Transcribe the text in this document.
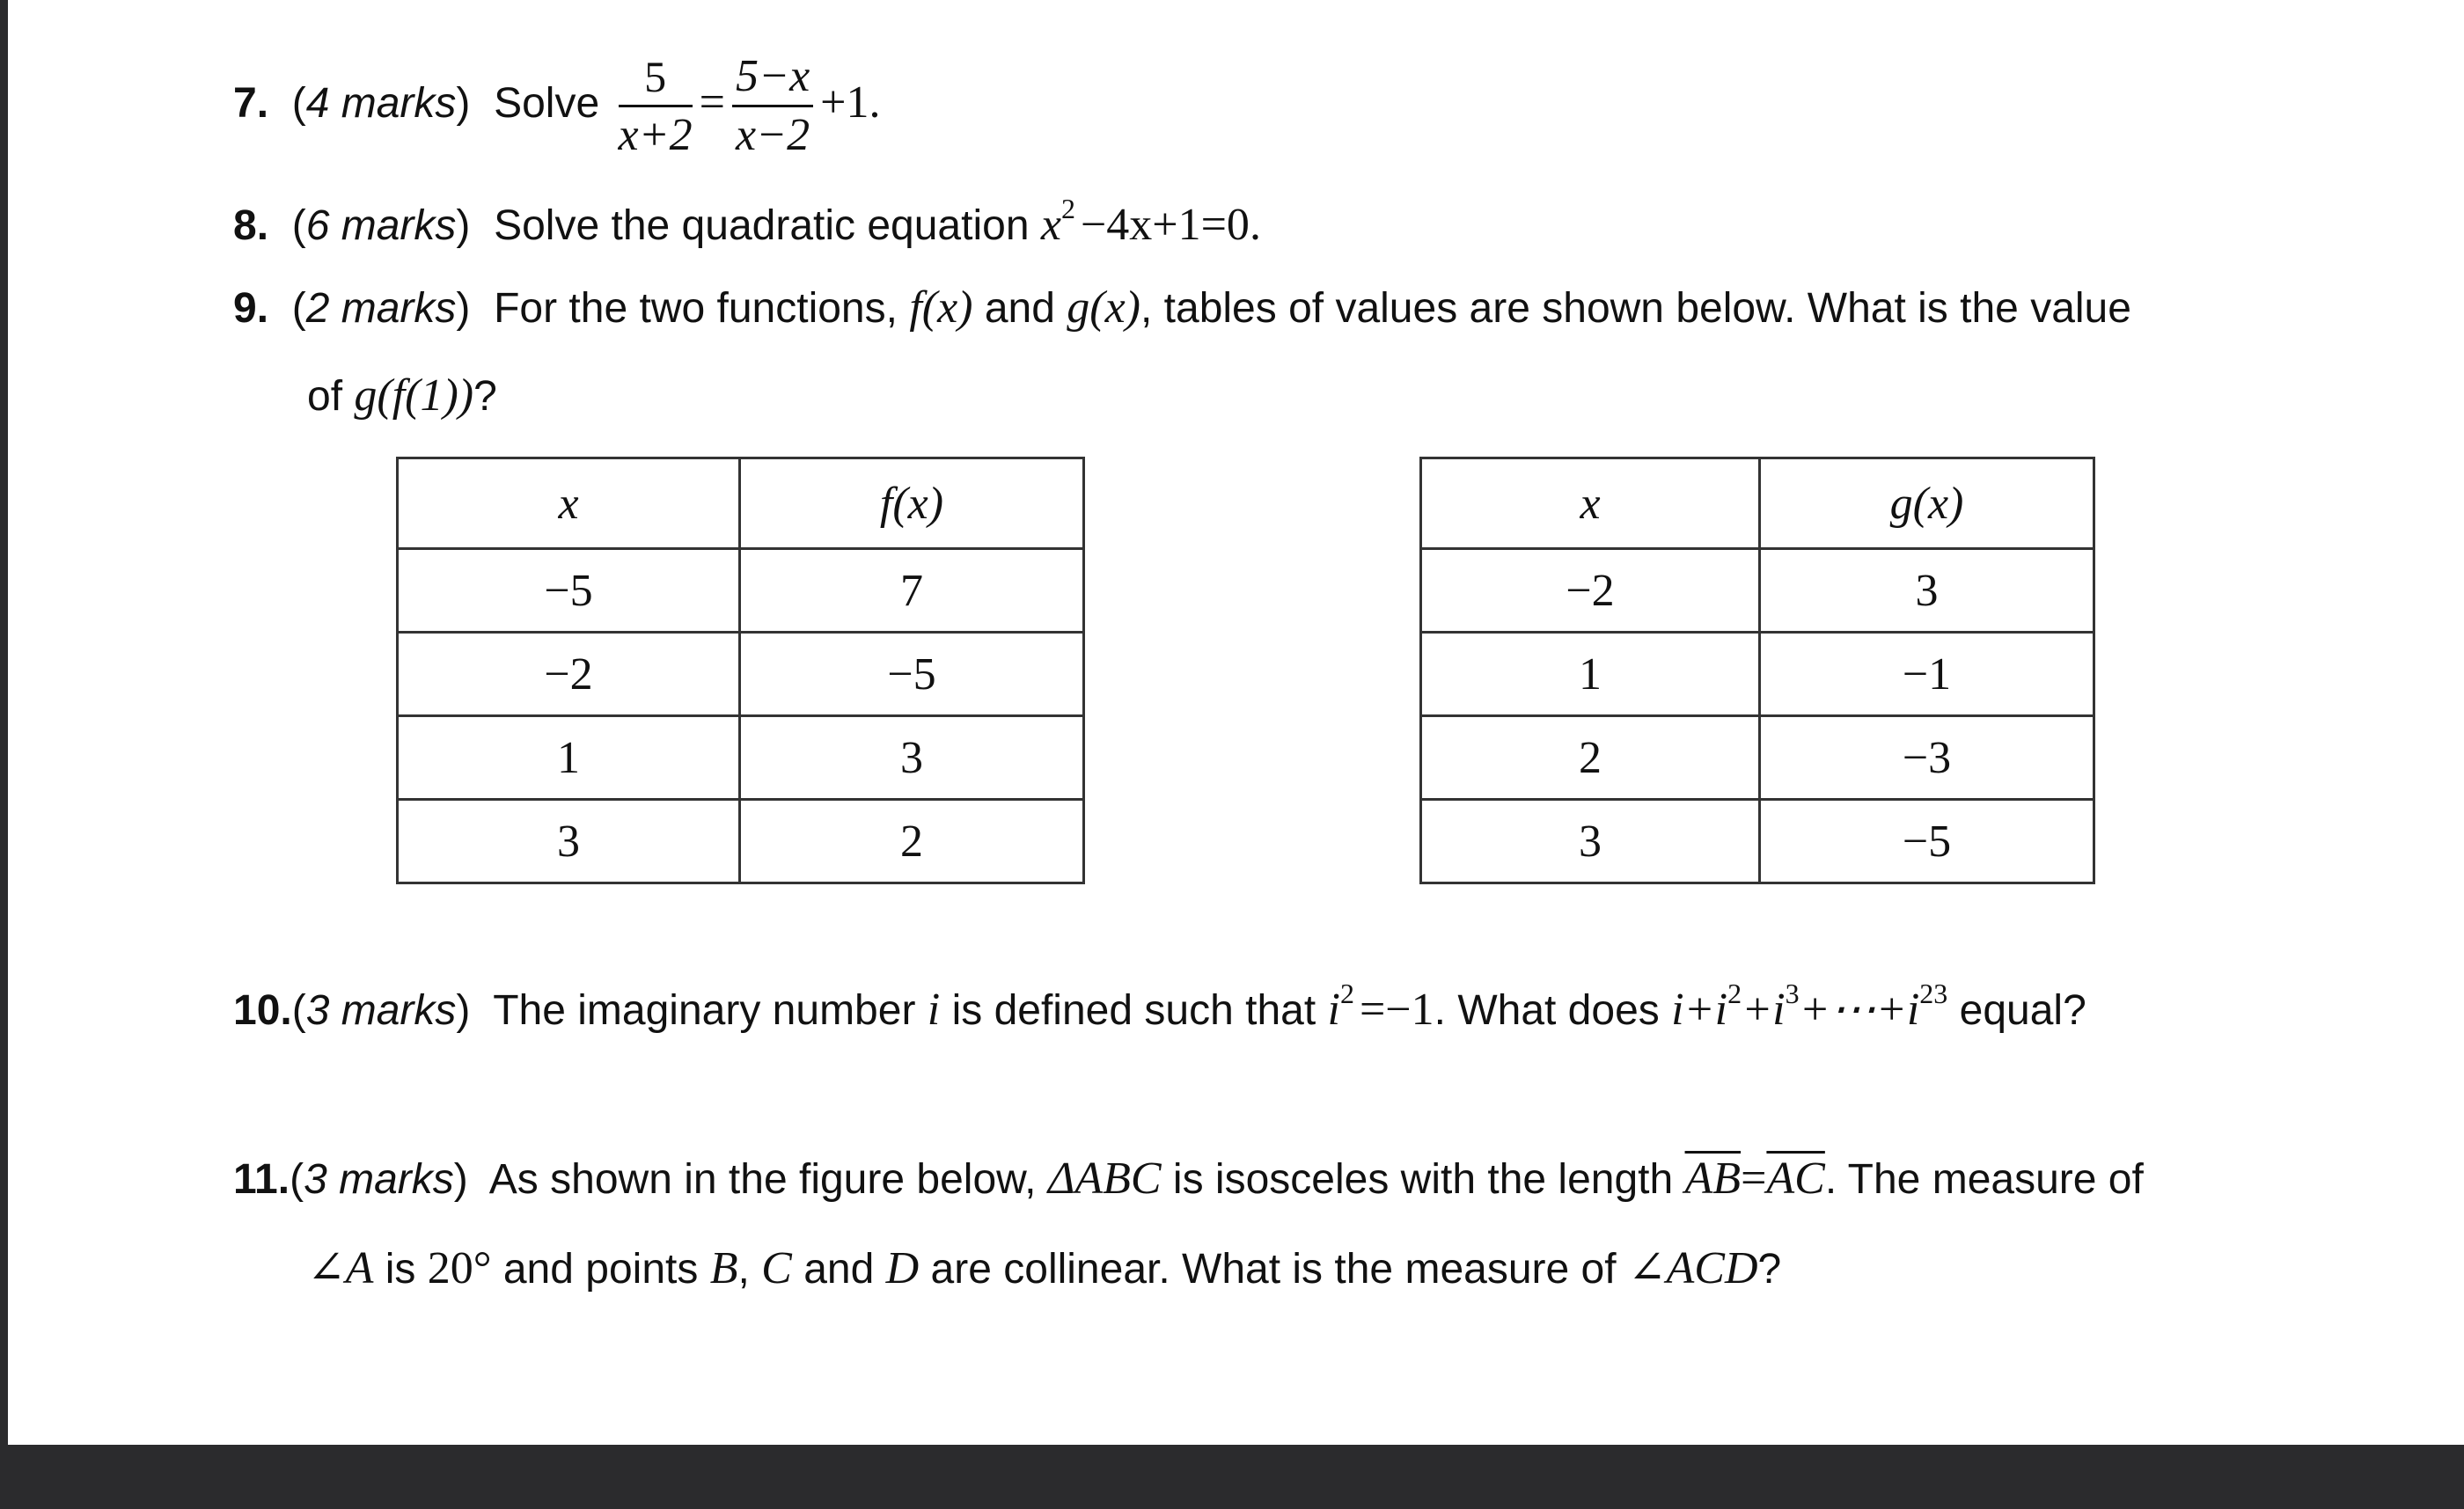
7.  (4 marks)  Solve $\frac{5}{x+2} = \frac{5-x}{x-2} +1$.
8.  (6 marks)  Solve the quadratic equation $x^2 -4x+1=0$.
9.  (2 marks)  For the two functions, f(x) and g(x), tables of values are shown below. What is the value
of g(f(1))?
x	f(x)
−5	7
−2	−5
1	3
3	2
x	g(x)
−2	3
1	−1
2	−3
3	−5
10.(3 marks)  The imaginary number i is defined such that $i^2 =-1$. What does $i+i^2+i^3+\cdots+i^{23}$ equal?
11.(3 marks)  As shown in the figure below, ΔABC is isosceles with the length $\overline{AB}=\overline{AC}$. The measure of
∠A is 20° and points B, C and D are collinear. What is the measure of ∠ACD?
